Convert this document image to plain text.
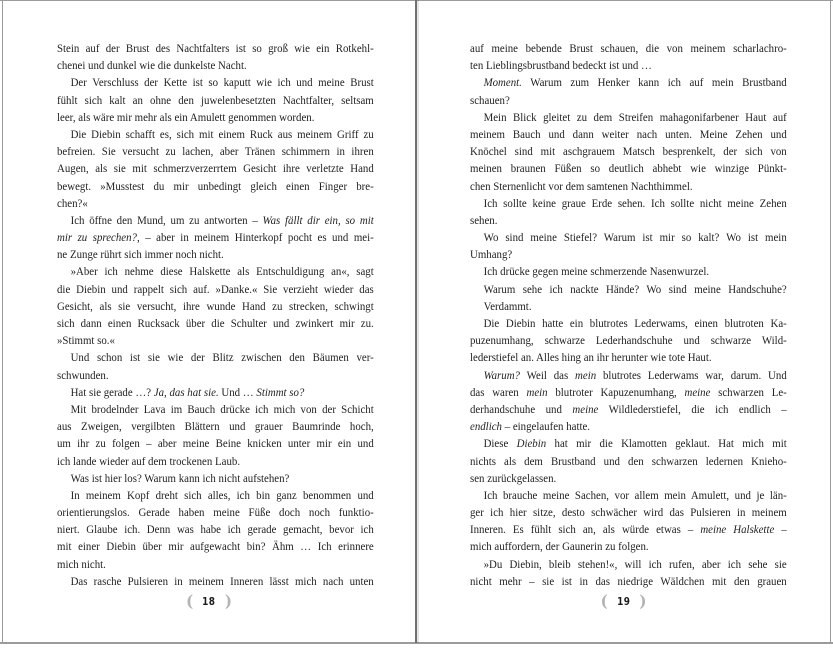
Stein auf der Brust des Nachtfalters ist so groß wie ein Rotkehl-
chenei und dunkel wie die dunkelste Nacht.
Der Verschluss der Kette ist so kaputt wie ich und meine Brust
fühlt sich kalt an ohne den juwelenbesetzten Nachtfalter, seltsam
leer, als wäre mir mehr als ein Amulett genommen worden.
Die Diebin schafft es, sich mit einem Ruck aus meinem Griff zu
befreien. Sie versucht zu lachen, aber Tränen schimmern in ihren
Augen, als sie mit schmerzverzerrtem Gesicht ihre verletzte Hand
bewegt. »Musstest du mir unbedingt gleich einen Finger bre-
chen?«
Ich öffne den Mund, um zu antworten – Was fällt dir ein, so mit
mir zu sprechen?, – aber in meinem Hinterkopf pocht es und mei-
ne Zunge rührt sich immer noch nicht.
»Aber ich nehme diese Halskette als Entschuldigung an«, sagt
die Diebin und rappelt sich auf. »Danke.« Sie verzieht wieder das
Gesicht, als sie versucht, ihre wunde Hand zu strecken, schwingt
sich dann einen Rucksack über die Schulter und zwinkert mir zu.
»Stimmt so.«
Und schon ist sie wie der Blitz zwischen den Bäumen ver-
schwunden.
Hat sie gerade …? Ja, das hat sie. Und … Stimmt so?
Mit brodelnder Lava im Bauch drücke ich mich von der Schicht
aus Zweigen, vergilbten Blättern und grauer Baumrinde hoch,
um ihr zu folgen – aber meine Beine knicken unter mir ein und
ich lande wieder auf dem trockenen Laub.
Was ist hier los? Warum kann ich nicht aufstehen?
In meinem Kopf dreht sich alles, ich bin ganz benommen und
orientierungslos. Gerade haben meine Füße doch noch funktio-
niert. Glaube ich. Denn was habe ich gerade gemacht, bevor ich
mit einer Diebin über mir aufgewacht bin? Ähm … Ich erinnere
mich nicht.
Das rasche Pulsieren in meinem Inneren lässt mich nach unten
( 18 )
auf meine bebende Brust schauen, die von meinem scharlachro-
ten Lieblingsbrustband bedeckt ist und …
Moment. Warum zum Henker kann ich auf mein Brustband
schauen?
Mein Blick gleitet zu dem Streifen mahagonifarbener Haut auf
meinem Bauch und dann weiter nach unten. Meine Zehen und
Knöchel sind mit aschgrauem Matsch besprenkelt, der sich von
meinen braunen Füßen so deutlich abhebt wie winzige Pünkt-
chen Sternenlicht vor dem samtenen Nachthimmel.
Ich sollte keine graue Erde sehen. Ich sollte nicht meine Zehen
sehen.
Wo sind meine Stiefel? Warum ist mir so kalt? Wo ist mein
Umhang?
Ich drücke gegen meine schmerzende Nasenwurzel.
Warum sehe ich nackte Hände? Wo sind meine Handschuhe?
Verdammt.
Die Diebin hatte ein blutrotes Lederwams, einen blutroten Ka-
puzenumhang, schwarze Lederhandschuhe und schwarze Wild-
lederstiefel an. Alles hing an ihr herunter wie tote Haut.
Warum? Weil das mein blutrotes Lederwams war, darum. Und
das waren mein blutroter Kapuzenumhang, meine schwarzen Le-
derhandschuhe und meine Wildlederstiefel, die ich endlich –
endlich – eingelaufen hatte.
Diese Diebin hat mir die Klamotten geklaut. Hat mich mit
nichts als dem Brustband und den schwarzen ledernen Knieho-
sen zurückgelassen.
Ich brauche meine Sachen, vor allem mein Amulett, und je län-
ger ich hier sitze, desto schwächer wird das Pulsieren in meinem
Inneren. Es fühlt sich an, als würde etwas – meine Halskette –
mich auffordern, der Gaunerin zu folgen.
»Du Diebin, bleib stehen!«, will ich rufen, aber ich sehe sie
nicht mehr – sie ist in das niedrige Wäldchen mit den grauen
( 19 )
